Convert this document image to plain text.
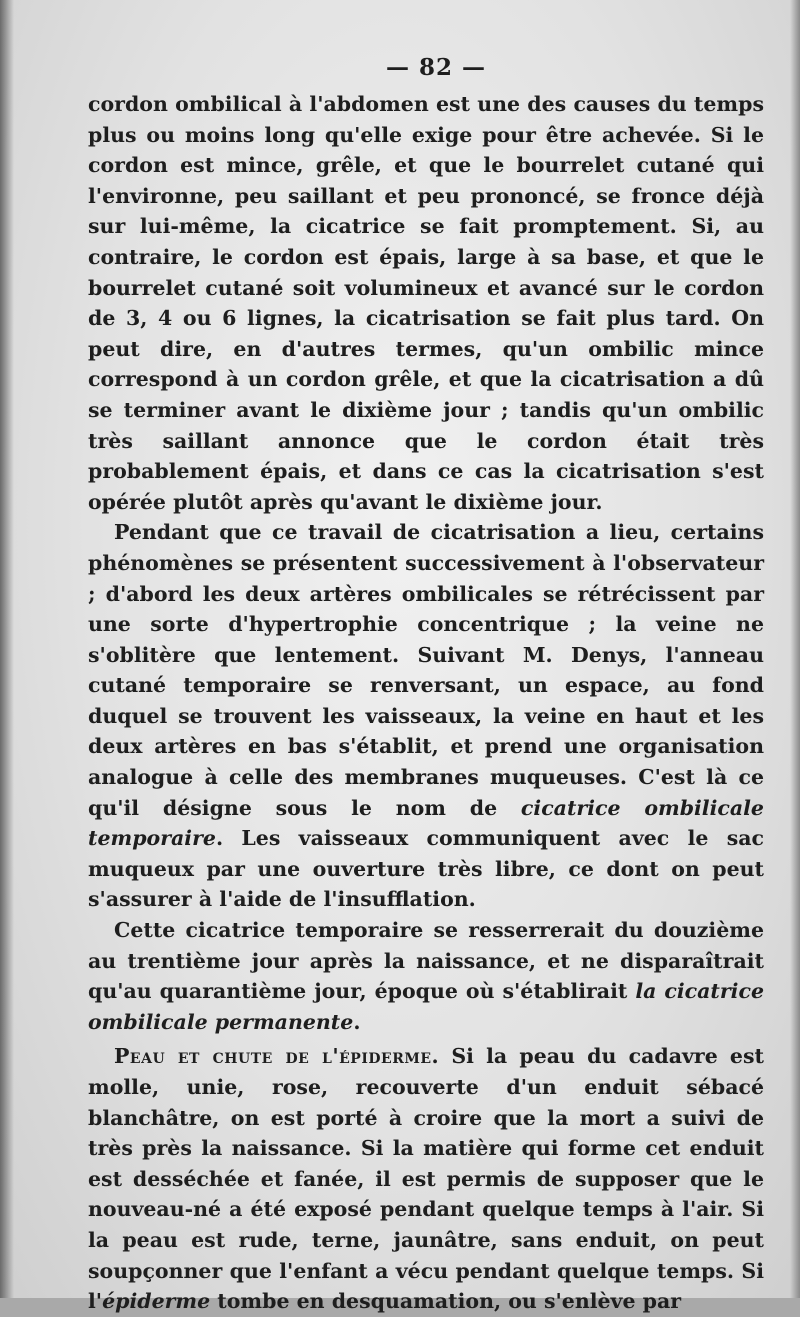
— 82 —

cordon ombilical à l'abdomen est une des causes du temps plus ou moins long qu'elle exige pour être achevée. Si le cordon est mince, grêle, et que le bourrelet cutané qui l'environne, peu saillant et peu prononcé, se fronce déjà sur lui-même, la cicatrice se fait promptement. Si, au contraire, le cordon est épais, large à sa base, et que le bourrelet cutané soit volumineux et avancé sur le cordon de 3, 4 ou 6 lignes, la cicatrisation se fait plus tard. On peut dire, en d'autres termes, qu'un ombilic mince correspond à un cordon grêle, et que la cicatrisation a dû se terminer avant le dixième jour ; tandis qu'un ombilic très saillant annonce que le cordon était très probablement épais, et dans ce cas la cicatrisation s'est opérée plutôt après qu'avant le dixième jour.

Pendant que ce travail de cicatrisation a lieu, certains phénomènes se présentent successivement à l'observateur ; d'abord les deux artères ombilicales se rétrécissent par une sorte d'hypertrophie concentrique ; la veine ne s'oblitère que lentement. Suivant M. Denys, l'anneau cutané temporaire se renversant, un espace, au fond duquel se trouvent les vaisseaux, la veine en haut et les deux artères en bas s'établit, et prend une organisation analogue à celle des membranes muqueuses. C'est là ce qu'il désigne sous le nom de cicatrice ombilicale temporaire. Les vaisseaux communiquent avec le sac muqueux par une ouverture très libre, ce dont on peut s'assurer à l'aide de l'insufflation.

Cette cicatrice temporaire se resserrerait du douzième au trentième jour après la naissance, et ne disparaîtrait qu'au quarantième jour, époque où s'établirait la cicatrice ombilicale permanente.

Peau et chute de l'épiderme. Si la peau du cadavre est molle, unie, rose, recouverte d'un enduit sébacé blanchâtre, on est porté à croire que la mort a suivi de très près la naissance. Si la matière qui forme cet enduit est desséchée et fanée, il est permis de supposer que le nouveau-né a été exposé pendant quelque temps à l'air. Si la peau est rude, terne, jaunâtre, sans enduit, on peut soupçonner que l'enfant a vécu pendant quelque temps. Si l'épiderme tombe en desquamation, ou s'enlève par
